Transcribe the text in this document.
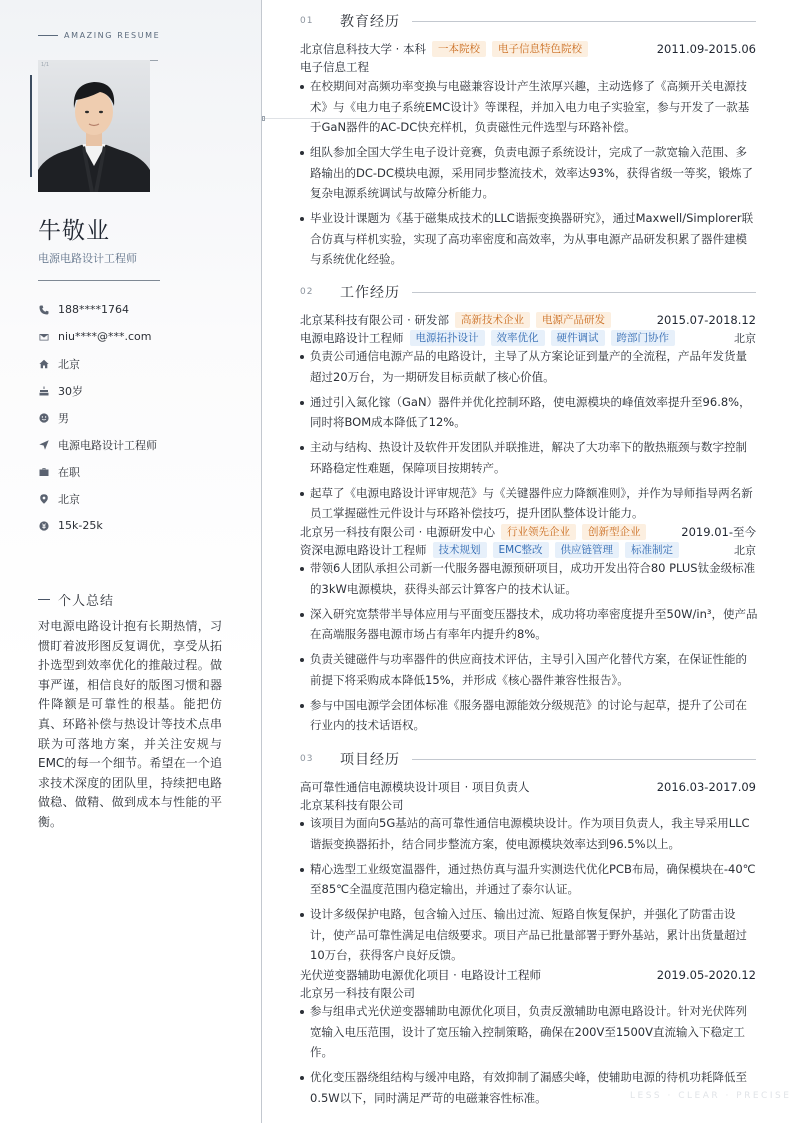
AMAZING RESUME
1/1
牛敬业
电源电路设计工程师
188****1764
niu****@***.com
北京
30岁
男
电源电路设计工程师
在职
北京
15k-25k
个人总结
对电源电路设计抱有长期热情，习惯盯着波形图反复调优，享受从拓扑选型到效率优化的推敲过程。做事严谨，相信良好的版图习惯和器件降额是可靠性的根基。能把仿真、环路补偿与热设计等技术点串联为可落地方案，并关注安规与EMC的每一个细节。希望在一个追求技术深度的团队里，持续把电路做稳、做精、做到成本与性能的平衡。
01	教育经历
北京信息科技大学 · 本科	一本院校	电子信息特色院校	2011.09-2015.06
电子信息工程
在校期间对高频功率变换与电磁兼容设计产生浓厚兴趣，主动选修了《高频开关电源技术》与《电力电子系统EMC设计》等课程，并加入电力电子实验室，参与开发了一款基于GaN器件的AC-DC快充样机，负责磁性元件选型与环路补偿。
组队参加全国大学生电子设计竞赛，负责电源子系统设计，完成了一款宽输入范围、多路输出的DC-DC模块电源，采用同步整流技术，效率达93%，获得省级一等奖，锻炼了复杂电源系统调试与故障分析能力。
毕业设计课题为《基于磁集成技术的LLC谐振变换器研究》，通过Maxwell/Simplorer联合仿真与样机实验，实现了高功率密度和高效率，为从事电源产品研发积累了器件建模与系统优化经验。
02	工作经历
北京某科技有限公司 · 研发部	高新技术企业	电源产品研发	2015.07-2018.12
电源电路设计工程师	电源拓扑设计	效率优化	硬件调试	跨部门协作	北京
负责公司通信电源产品的电路设计，主导了从方案论证到量产的全流程，产品年发货量超过20万台，为一期研发目标贡献了核心价值。
通过引入氮化镓（GaN）器件并优化控制环路，使电源模块的峰值效率提升至96.8%，同时将BOM成本降低了12%。
主动与结构、热设计及软件开发团队并联推进，解决了大功率下的散热瓶颈与数字控制环路稳定性难题，保障项目按期转产。
起草了《电源电路设计评审规范》与《关键器件应力降额准则》，并作为导师指导两名新员工掌握磁性元件设计与环路补偿技巧，提升团队整体设计能力。
北京另一科技有限公司 · 电源研发中心	行业领先企业	创新型企业	2019.01-至今
资深电源电路设计工程师	技术规划	EMC整改	供应链管理	标准制定	北京
带领6人团队承担公司新一代服务器电源预研项目，成功开发出符合80 PLUS钛金级标准的3kW电源模块，获得头部云计算客户的技术认证。
深入研究宽禁带半导体应用与平面变压器技术，成功将功率密度提升至50W/in³，使产品在高端服务器电源市场占有率年内提升约8%。
负责关键磁件与功率器件的供应商技术评估，主导引入国产化替代方案，在保证性能的前提下将采购成本降低15%，并形成《核心器件兼容性报告》。
参与中国电源学会团体标准《服务器电源能效分级规范》的讨论与起草，提升了公司在行业内的技术话语权。
03	项目经历
高可靠性通信电源模块设计项目 · 项目负责人	2016.03-2017.09
北京某科技有限公司
该项目为面向5G基站的高可靠性通信电源模块设计。作为项目负责人，我主导采用LLC谐振变换器拓扑，结合同步整流方案，使电源模块效率达到96.5%以上。
精心选型工业级宽温器件，通过热仿真与温升实测迭代优化PCB布局，确保模块在-40℃至85℃全温度范围内稳定输出，并通过了泰尔认证。
设计多级保护电路，包含输入过压、输出过流、短路自恢复保护，并强化了防雷击设计，使产品可靠性满足电信级要求。项目产品已批量部署于野外基站，累计出货量超过10万台，获得客户良好反馈。
光伏逆变器辅助电源优化项目 · 电路设计工程师	2019.05-2020.12
北京另一科技有限公司
参与组串式光伏逆变器辅助电源优化项目，负责反激辅助电源电路设计。针对光伏阵列宽输入电压范围，设计了宽压输入控制策略，确保在200V至1500V直流输入下稳定工作。
优化变压器绕组结构与缓冲电路，有效抑制了漏感尖峰，使辅助电源的待机功耗降低至0.5W以下，同时满足严苛的电磁兼容性标准。	LESS · CLEAR · PRECISE
